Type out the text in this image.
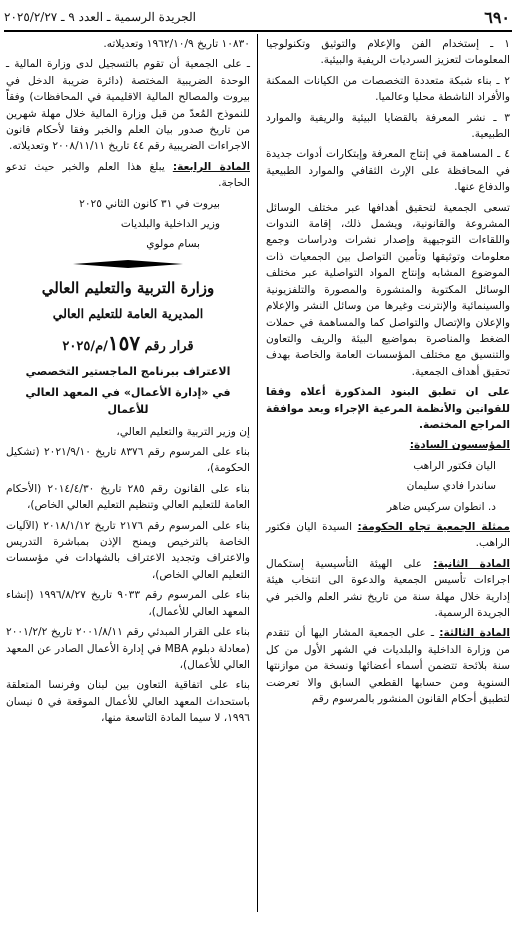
٦٩٠
الجريدة الرسمية ـ العدد ٩ ـ ٢٠٢٥/٢/٢٧

١ ـ إستخدام الفن والإعلام والتوثيق وتكنولوجيا المعلومات لتعزيز السرديات الريفية والبيئية.

٢ ـ بناء شبكة متعددة التخصصات من الكيانات الممكنة والأفراد الناشطة محليا وعالميا.

٣ ـ نشر المعرفة بالقضايا البيئية والريفية والموارد الطبيعية.

٤ ـ المساهمة في إنتاج المعرفة وإبتكارات أدوات جديدة في المحافظة على الإرث الثقافي والموارد الطبيعية والدفاع عنها.

تسعى الجمعية لتحقيق أهدافها عبر مختلف الوسائل المشروعة والقانونية، ويشمل ذلك، إقامة الندوات واللقاءات التوجيهية وإصدار نشرات ودراسات وجمع معلومات وتوثيقها وتأمين التواصل بين الجمعيات ذات الموضوع المشابه وإنتاج المواد التواصلية عبر مختلف الوسائل المكتوبة والمنشورة والمصورة والتلفزيونية والسينمائية والإنترنت وغيرها من وسائل النشر والإعلام والإعلان والإتصال والتواصل كما والمساهمة في حملات الضغط والمناصرة بمواضيع البيئة والريف والتعاون والتنسيق مع مختلف المؤسسات العامة والخاصة بهدف تحقيق أهداف الجمعية.

على ان تطبق البنود المذكورة أعلاه وفقا للقوانين والأنظمة المرعية الإجراء وبعد موافقة المراجع المختصة.

المؤسسون السادة:

اليان فكتور الراهب

ساندرا فادي سليمان

د. انطوان سركيس ضاهر

ممثلة الجمعية تجاه الحكومة: السيدة اليان فكتور الراهب.

المادة الثانية: على الهيئة التأسيسية إستكمال اجراءات تأسيس الجمعية والدعوة الى انتخاب هيئة إدارية خلال مهلة سنة من تاريخ نشر العلم والخبر في الجريدة الرسمية.

المادة الثالثة: ـ على الجمعية المشار اليها أن تتقدم من وزارة الداخلية والبلديات في الشهر الأول من كل سنة بلائحة تتضمن أسماء أعضائها ونسخة من موازنتها السنوية ومن حسابها القطعي السابق والا تعرضت لتطبيق أحكام القانون المنشور بالمرسوم رقم

١٠٨٣٠ تاريخ ١٩٦٢/١٠/٩ وتعديلاته.

ـ على الجمعية أن تقوم بالتسجيل لدى وزارة المالية ـ الوحدة الضريبية المختصة (دائرة ضريبة الدخل في بيروت والمصالح المالية الاقليمية في المحافظات) وفقاً للنموذج المُعدّ من قبل وزارة المالية خلال مهلة شهرين من تاريخ صدور بيان العلم والخبر وفقا لأحكام قانون الاجراءات الضريبية رقم ٤٤ تاريخ ٢٠٠٨/١١/١١ وتعديلاته.

المادة الرابعة: يبلغ هذا العلم والخبر حيث تدعو الحاجة.

بيروت في ٣١ كانون الثاني ٢٠٢٥

وزير الداخلية والبلديات

بسام مولوي

وزارة التربية والتعليم العالي

المديرية العامة للتعليم العالي

قرار رقم ١٥٧/م/٢٠٢٥

الاعتراف ببرنامج الماجستير التخصصي

في «إدارة الأعمال» في المعهد العالي للأعمال

إن وزير التربية والتعليم العالي،

بناء على المرسوم رقم ٨٣٧٦ تاريخ ٢٠٢١/٩/١٠ (تشكيل الحكومة)،

بناء على القانون رقم ٢٨٥ تاريخ ٢٠١٤/٤/٣٠ (الأحكام العامة للتعليم العالي وتنظيم التعليم العالي الخاص)،

بناء على المرسوم رقم ٢١٧٦ تاريخ ٢٠١٨/١/١٢ (الآليات الخاصة بالترخيص ويمنح الإذن بمباشرة التدريس والاعتراف وتجديد الاعتراف بالشهادات في مؤسسات التعليم العالي الخاص)،

بناء على المرسوم رقم ٩٠٣٣ تاريخ ١٩٩٦/٨/٢٧ (إنشاء المعهد العالي للأعمال)،

بناء على القرار المبدئي رقم ٢٠٠١/٨/١١ تاريخ ٢٠٠١/٢/٢ (معادلة دبلوم MBA في إدارة الأعمال الصادر عن المعهد العالي للأعمال)،

بناء على اتفاقية التعاون بين لبنان وفرنسا المتعلقة باستحداث المعهد العالي للأعمال الموقعة في ٥ نيسان ١٩٩٦، لا سيما المادة التاسعة منها،
